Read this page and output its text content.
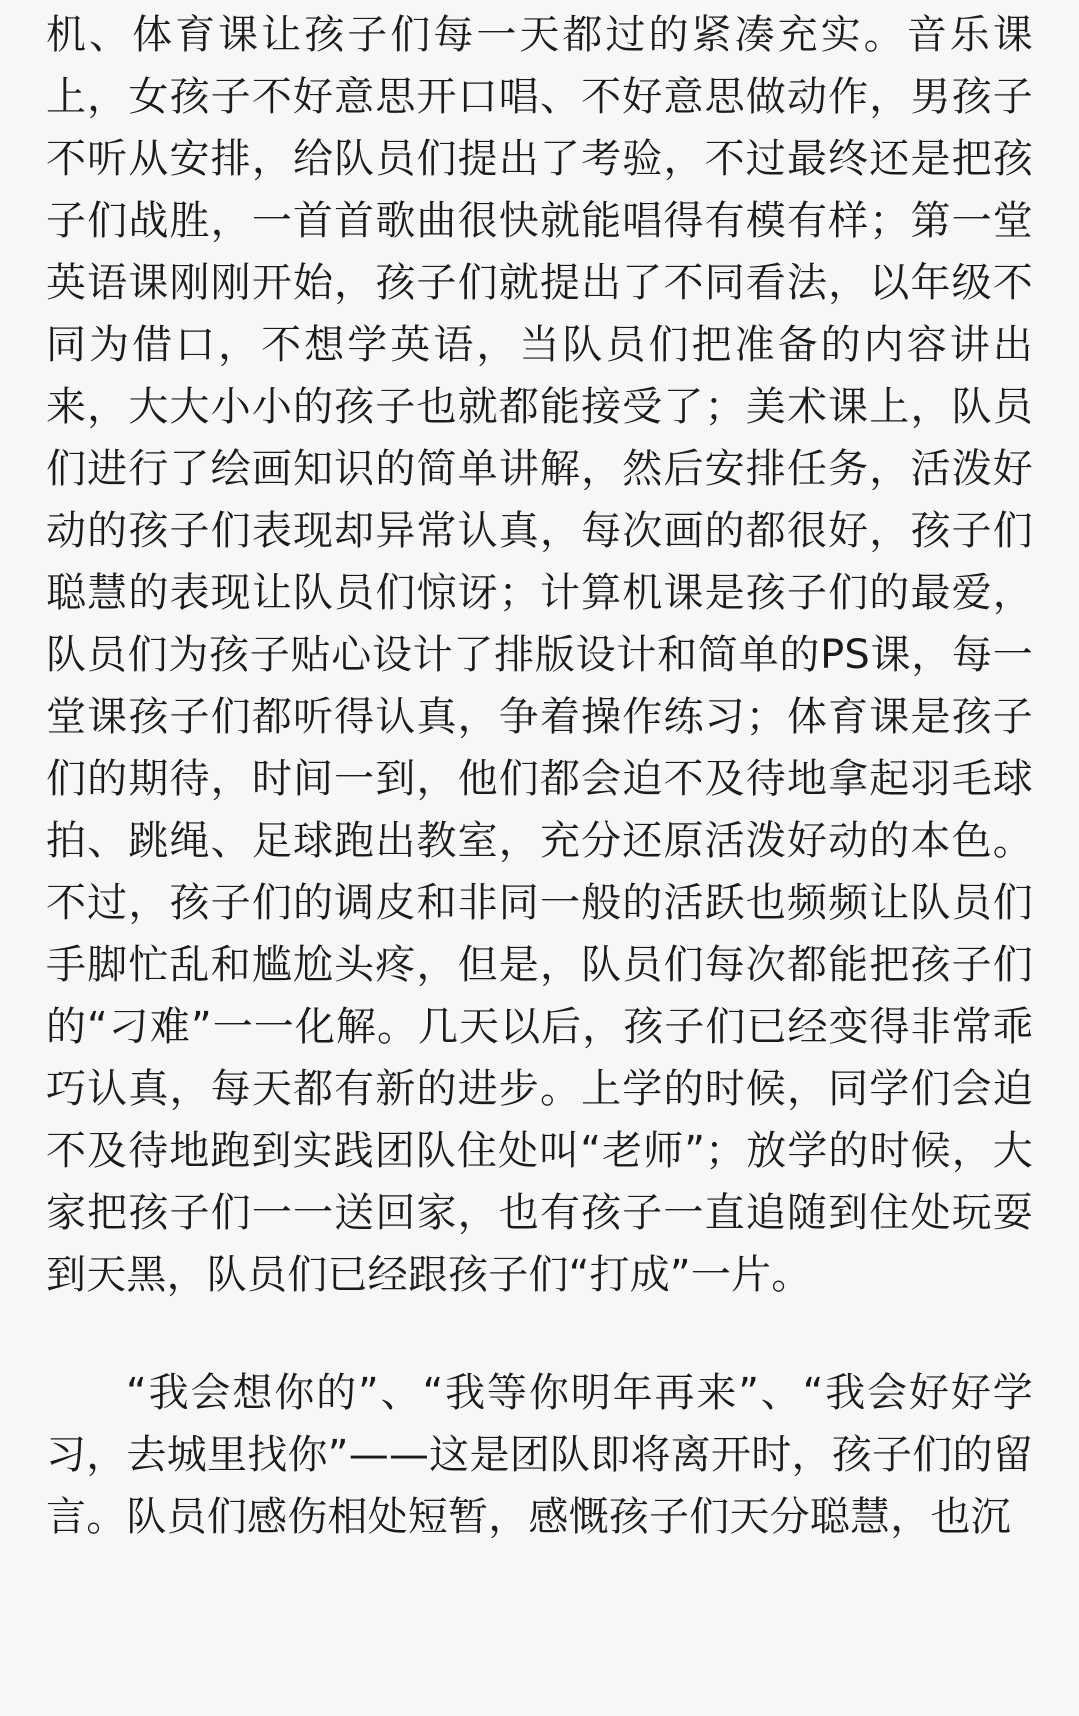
机、体育课让孩子们每一天都过的紧凑充实。音乐课上，女孩子不好意思开口唱、不好意思做动作，男孩子不听从安排，给队员们提出了考验，不过最终还是把孩子们战胜，一首首歌曲很快就能唱得有模有样；第一堂英语课刚刚开始，孩子们就提出了不同看法，以年级不同为借口，不想学英语，当队员们把准备的内容讲出来，大大小小的孩子也就都能接受了；美术课上，队员们进行了绘画知识的简单讲解，然后安排任务，活泼好动的孩子们表现却异常认真，每次画的都很好，孩子们聪慧的表现让队员们惊讶；计算机课是孩子们的最爱，队员们为孩子贴心设计了排版设计和简单的PS课，每一堂课孩子们都听得认真，争着操作练习；体育课是孩子们的期待，时间一到，他们都会迫不及待地拿起羽毛球拍、跳绳、足球跑出教室，充分还原活泼好动的本色。不过，孩子们的调皮和非同一般的活跃也频频让队员们手脚忙乱和尴尬头疼，但是，队员们每次都能把孩子们的“刁难”一一化解。几天以后，孩子们已经变得非常乖巧认真，每天都有新的进步。上学的时候，同学们会迫不及待地跑到实践团队住处叫“老师”；放学的时候，大家把孩子们一一送回家，也有孩子一直追随到住处玩耍到天黑，队员们已经跟孩子们“打成”一片。

“我会想你的”、“我等你明年再来”、“我会好好学习，去城里找你”——这是团队即将离开时，孩子们的留言。队员们感伤相处短暂，感慨孩子们天分聪慧，也沉
